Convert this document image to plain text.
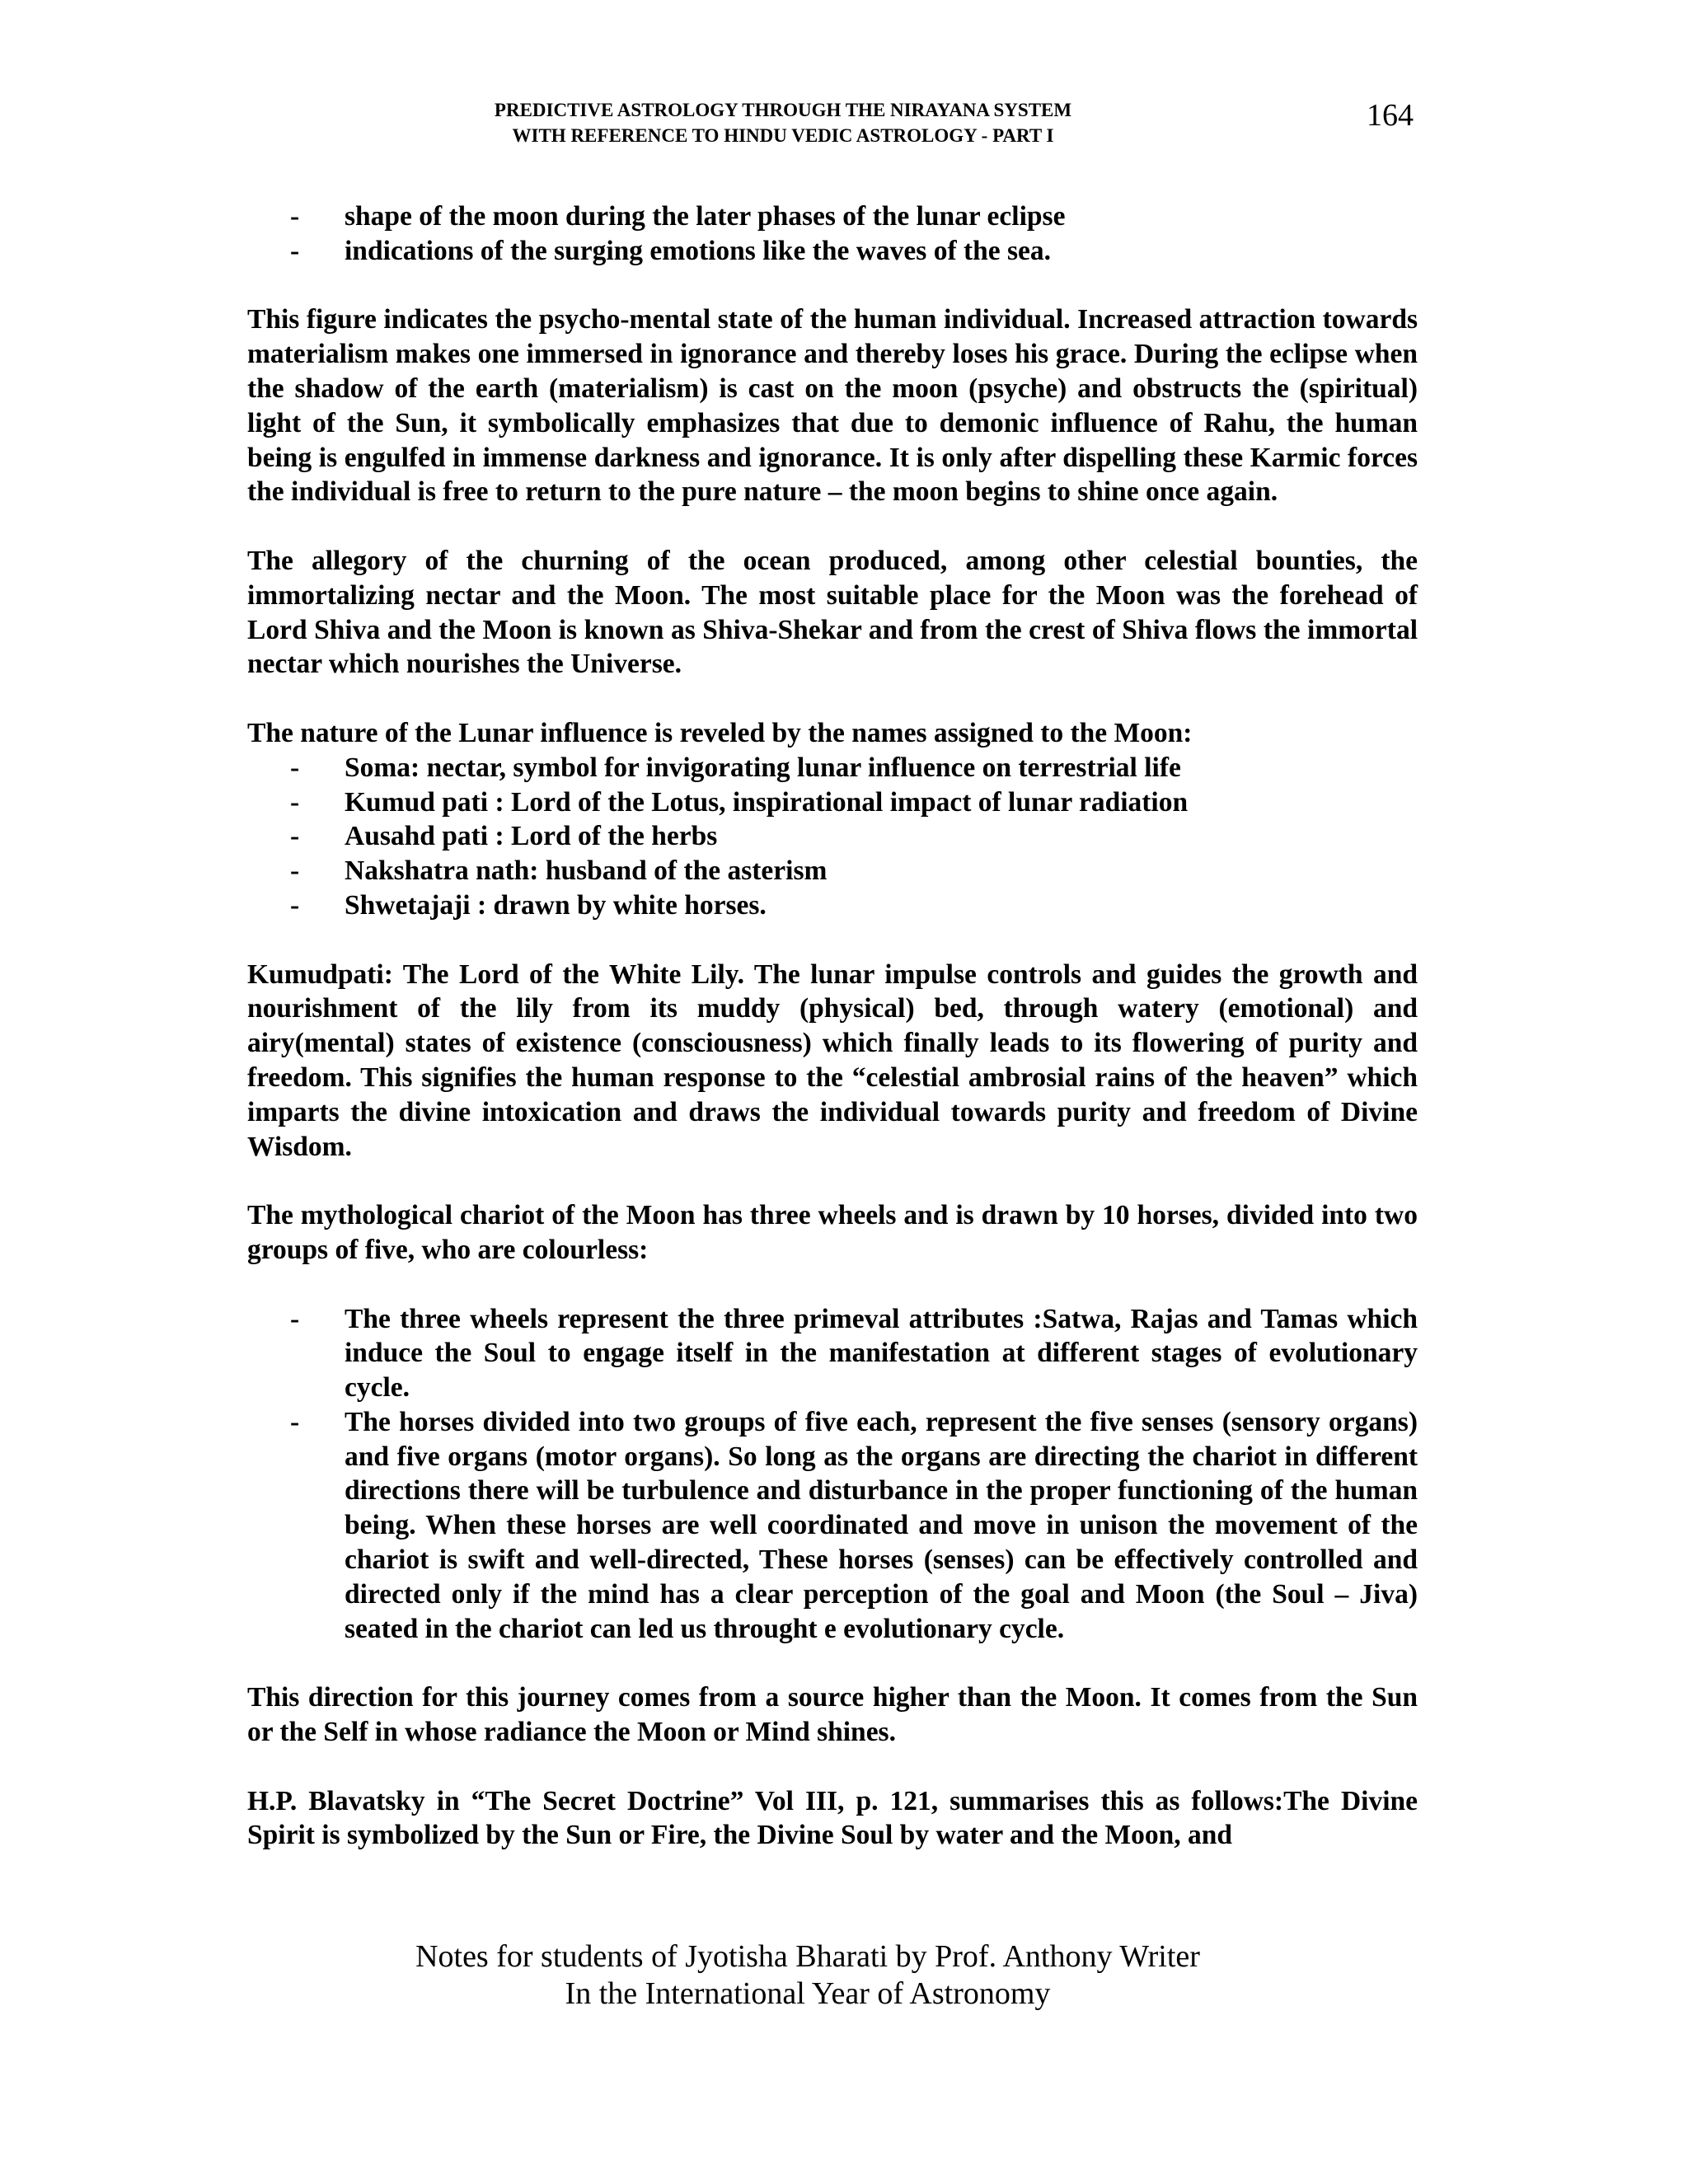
PREDICTIVE ASTROLOGY THROUGH THE NIRAYANA SYSTEM
WITH REFERENCE TO HINDU VEDIC ASTROLOGY - PART I
164
- shape of the moon during the later phases of the lunar eclipse
- indications of the surging emotions like the waves of the sea.

This figure indicates the psycho-mental state of the human individual. Increased attraction towards materialism makes one immersed in ignorance and thereby loses his grace. During the eclipse when the shadow of the earth (materialism) is cast on the moon (psyche) and obstructs the (spiritual) light of the Sun, it symbolically emphasizes that due to demonic influence of Rahu, the human being is engulfed in immense darkness and ignorance. It is only after dispelling these Karmic forces the individual is free to return to the pure nature – the moon begins to shine once again.

The allegory of the churning of the ocean produced, among other celestial bounties, the immortalizing nectar and the Moon. The most suitable place for the Moon was the forehead of Lord Shiva and the Moon is known as Shiva-Shekar and from the crest of Shiva flows the immortal nectar which nourishes the Universe.

The nature of the Lunar influence is reveled by the names assigned to the Moon:

- Soma: nectar, symbol for invigorating lunar influence on terrestrial life
- Kumud pati : Lord of the Lotus, inspirational impact of lunar radiation
- Ausahd pati : Lord of the herbs
- Nakshatra nath: husband of the asterism
- Shwetajaji : drawn by white horses.

Kumudpati: The Lord of the White Lily. The lunar impulse controls and guides the growth and nourishment of the lily from its muddy (physical) bed, through watery (emotional) and airy(mental) states of existence (consciousness) which finally leads to its flowering of purity and freedom. This signifies the human response to the “celestial ambrosial rains of the heaven” which imparts the divine intoxication and draws the individual towards purity and freedom of Divine Wisdom.

The mythological chariot of the Moon has three wheels and is drawn by 10 horses, divided into two groups of five, who are colourless:

- The three wheels represent the three primeval attributes :Satwa, Rajas and Tamas which induce the Soul to engage itself in the manifestation at different stages of evolutionary cycle.
- The horses divided into two groups of five each, represent the five senses (sensory organs) and five organs (motor organs). So long as the organs are directing the chariot in different directions there will be turbulence and disturbance in the proper functioning of the human being. When these horses are well coordinated and move in unison the movement of the chariot is swift and well-directed, These horses (senses) can be effectively controlled and directed only if the mind has a clear perception of the goal and Moon (the Soul – Jiva) seated in the chariot can led us throught e evolutionary cycle.

This direction for this journey comes from a source higher than the Moon. It comes from the Sun or the Self in whose radiance the Moon or Mind shines.

H.P. Blavatsky in “The Secret Doctrine” Vol III, p. 121, summarises this as follows:The Divine Spirit is symbolized by the Sun or Fire, the Divine Soul by water and the Moon, and

Notes for students of Jyotisha Bharati by Prof. Anthony Writer
In the International Year of Astronomy
